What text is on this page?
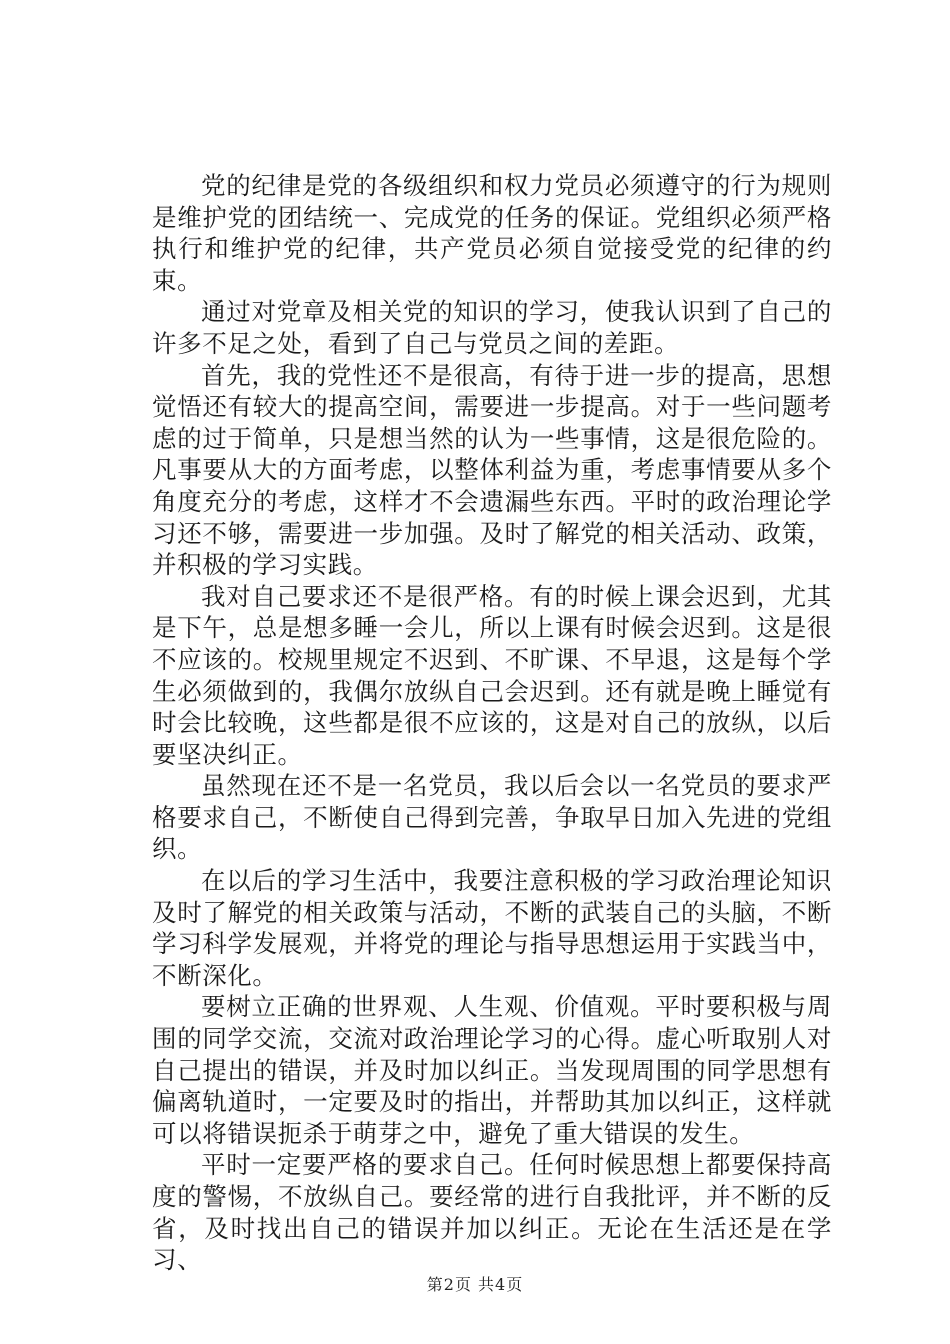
党的纪律是党的各级组织和权力党员必须遵守的行为规则是维护党的团结统一、完成党的任务的保证。党组织必须严格执行和维护党的纪律，共产党员必须自觉接受党的纪律的约束。

通过对党章及相关党的知识的学习，使我认识到了自己的许多不足之处，看到了自己与党员之间的差距。

首先，我的党性还不是很高，有待于进一步的提高，思想觉悟还有较大的提高空间，需要进一步提高。对于一些问题考虑的过于简单，只是想当然的认为一些事情，这是很危险的。凡事要从大的方面考虑，以整体利益为重，考虑事情要从多个角度充分的考虑，这样才不会遗漏些东西。平时的政治理论学习还不够，需要进一步加强。及时了解党的相关活动、政策，并积极的学习实践。

我对自己要求还不是很严格。有的时候上课会迟到，尤其是下午，总是想多睡一会儿，所以上课有时候会迟到。这是很不应该的。校规里规定不迟到、不旷课、不早退，这是每个学生必须做到的，我偶尔放纵自己会迟到。还有就是晚上睡觉有时会比较晚，这些都是很不应该的，这是对自己的放纵，以后要坚决纠正。

虽然现在还不是一名党员，我以后会以一名党员的要求严格要求自己，不断使自己得到完善，争取早日加入先进的党组织。

在以后的学习生活中，我要注意积极的学习政治理论知识及时了解党的相关政策与活动，不断的武装自己的头脑，不断学习科学发展观，并将党的理论与指导思想运用于实践当中，不断深化。

要树立正确的世界观、人生观、价值观。平时要积极与周围的同学交流，交流对政治理论学习的心得。虚心听取别人对自己提出的错误，并及时加以纠正。当发现周围的同学思想有偏离轨道时，一定要及时的指出，并帮助其加以纠正，这样就可以将错误扼杀于萌芽之中，避免了重大错误的发生。

平时一定要严格的要求自己。任何时候思想上都要保持高度的警惕，不放纵自己。要经常的进行自我批评，并不断的反省，及时找出自己的错误并加以纠正。无论在生活还是在学习、

第2页 共4页
